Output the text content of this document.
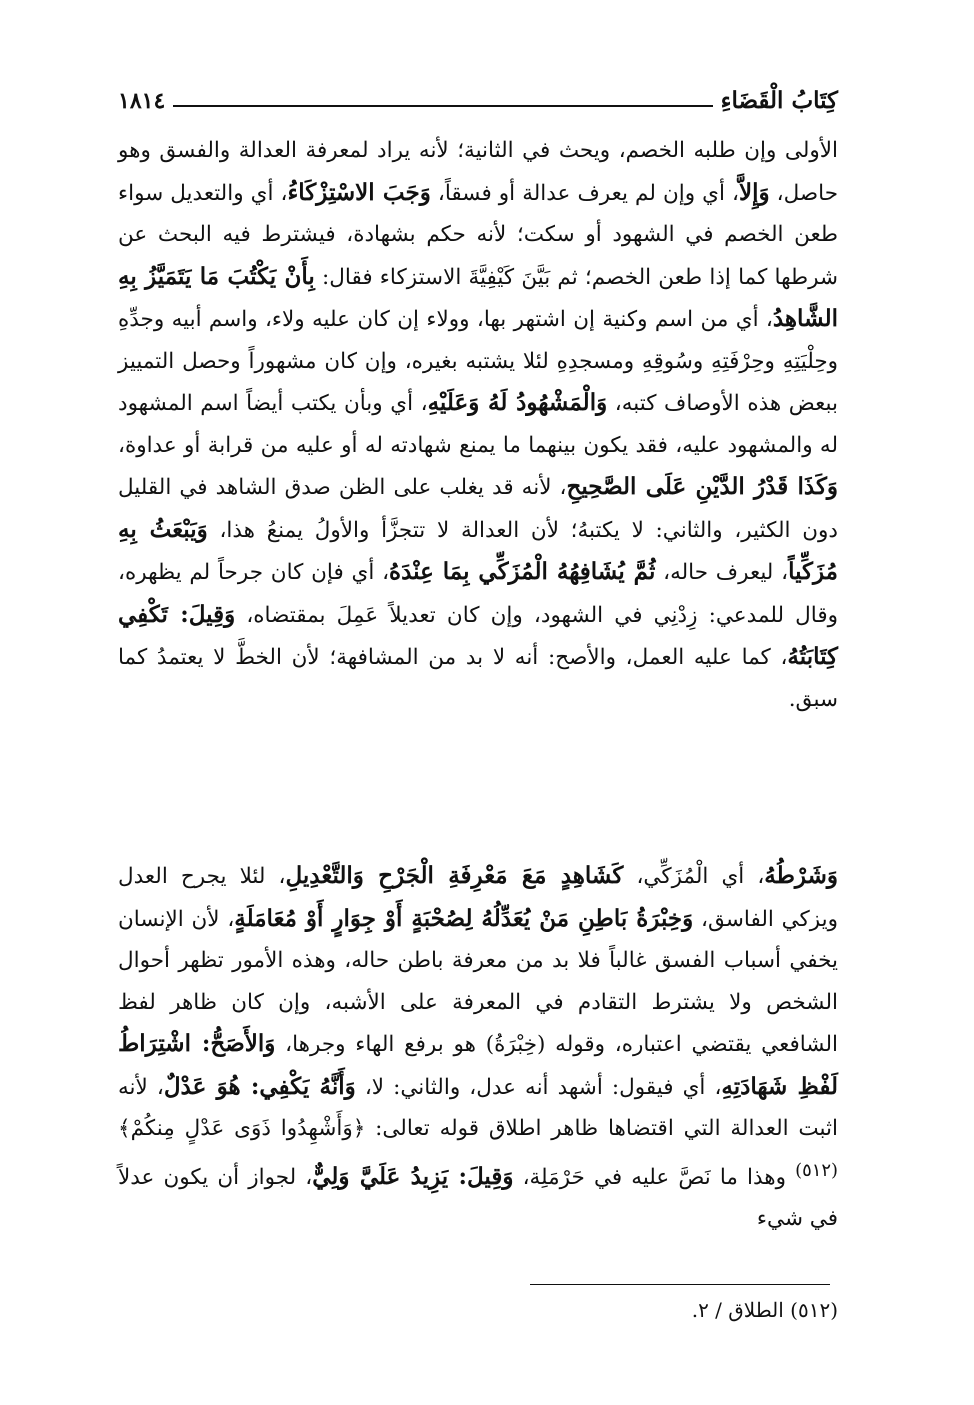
كِتَابُ الْقَضَاءِ
١٨١٤

الأولى وإن طلبه الخصم، ويحث في الثانية؛ لأنه يراد لمعرفة العدالة والفسق وهو حاصل، وَإِلاَّ، أي وإن لم يعرف عدالة أو فسقاً، وَجَبَ الاسْتِزْكَاءُ، أي والتعديل سواء طعن الخصم في الشهود أو سكت؛ لأنه حكم بشهادة، فيشترط فيه البحث عن شرطها كما إذا طعن الخصم؛ ثم بَيَّنَ كَيْفِيَّةَ الاستزكاء فقال: بِأَنْ يَكْتُبَ مَا يَتَمَيَّزُ بِهِ الشَّاهِدُ، أي من اسم وكنية إن اشتهر بها، وولاء إن كان عليه ولاء، واسم أبيه وجدِّهِ وحِلْيَتِهِ وحِرْفَتِهِ وسُوقِهِ ومسجدِهِ لئلا يشتبه بغيره، وإن كان مشهوراً وحصل التمييز ببعض هذه الأوصاف كتبه، وَالْمَشْهُودُ لَهُ وَعَلَيْهِ، أي وبأن يكتب أيضاً اسم المشهود له والمشهود عليه، فقد يكون بينهما ما يمنع شهادته له أو عليه من قرابة أو عداوة، وَكَذَا قَدْرُ الدَّيْنِ عَلَى الصَّحِيحِ، لأنه قد يغلب على الظن صدق الشاهد في القليل دون الكثير، والثاني: لا يكتبهُ؛ لأن العدالة لا تتجزَّأ والأولُ يمنعُ هذا، وَيَبْعَثُ بِهِ مُزَكِّياً، ليعرف حاله، ثُمَّ يُشَافِهُهُ الْمُزَكِّي بِمَا عِنْدَهُ، أي فإن كان جرحاً لم يظهره، وقال للمدعي: زِدْنِي في الشهود، وإن كان تعديلاً عَمِلَ بمقتضاه، وَقِيلَ: تَكْفِي كِتَابَتُهُ، كما عليه العمل، والأصح: أنه لا بد من المشافهة؛ لأن الخطَّ لا يعتمدُ كما سبق.

وَشَرْطُهُ، أي الْمُزَكِّي، كَشَاهِدٍ مَعَ مَعْرِفَةِ الْجَرْحِ وَالتَّعْدِيلِ، لئلا يجرح العدل ويزكي الفاسق، وَخِبْرَةُ بَاطِنِ مَنْ يُعَدِّلُهُ لِصُحْبَةٍ أَوْ جِوَارٍ أَوْ مُعَامَلَةٍ، لأن الإنسان يخفي أسباب الفسق غالباً فلا بد من معرفة باطن حاله، وهذه الأمور تظهر أحوال الشخص ولا يشترط التقادم في المعرفة على الأشبه، وإن كان ظاهر لفظ الشافعي يقتضي اعتباره، وقوله (خِبْرَةُ) هو برفع الهاء وجرها، وَالأَصَحُّ: اشْتِرَاطُ لَفْظِ شَهَادَتِهِ، أي فيقول: أشهد أنه عدل، والثاني: لا، وَأَنَّهُ يَكْفِي: هُوَ عَدْلٌ، لأنه اثبت العدالة التي اقتضاها ظاهر اطلاق قوله تعالى: ﴿وَأَشْهِدُوا ذَوَى عَدْلٍ مِنكُمْ﴾$^{(٥١٢)}$ وهذا ما نَصَّ عليه في حَرْمَلِة، وَقِيلَ: يَزِيدُ عَلَيَّ وَلِيٌّ، لجواز أن يكون عدلاً في شيء

(٥١٢) الطلاق / ٢.
